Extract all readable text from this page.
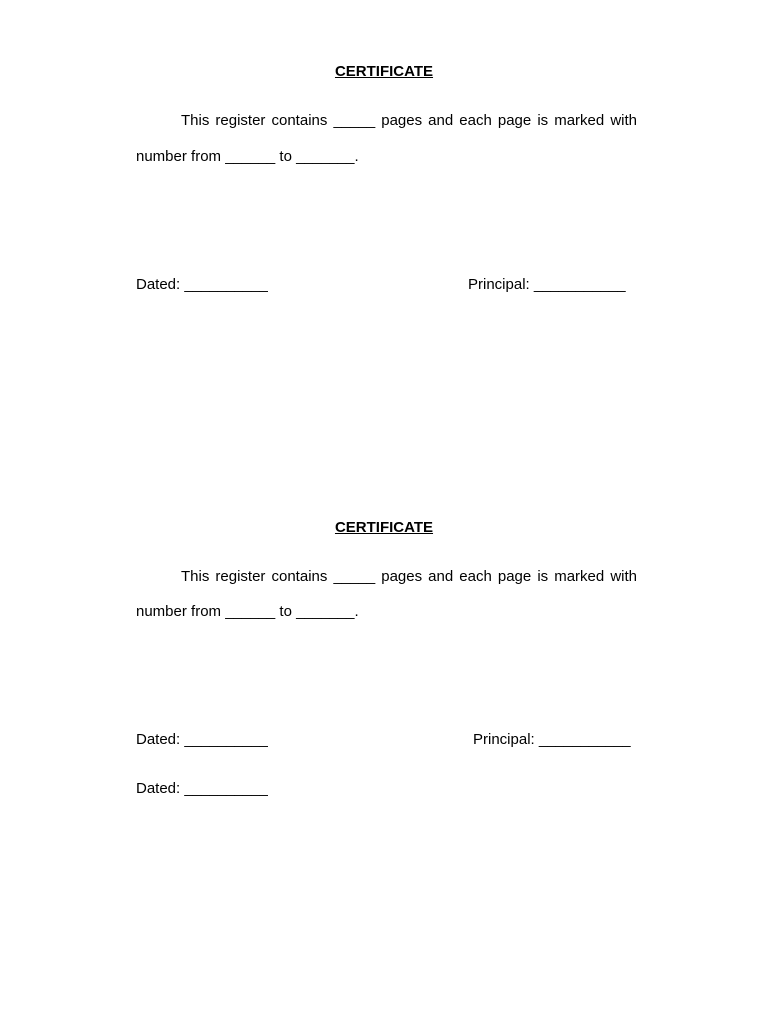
CERTIFICATE
This register contains _____ pages and each page is marked with
number from ______ to _______.
Dated: __________	Principal: ___________
CERTIFICATE
This register contains _____ pages and each page is marked with
number from ______ to _______.
Dated: __________	Principal: ___________
Dated: __________
